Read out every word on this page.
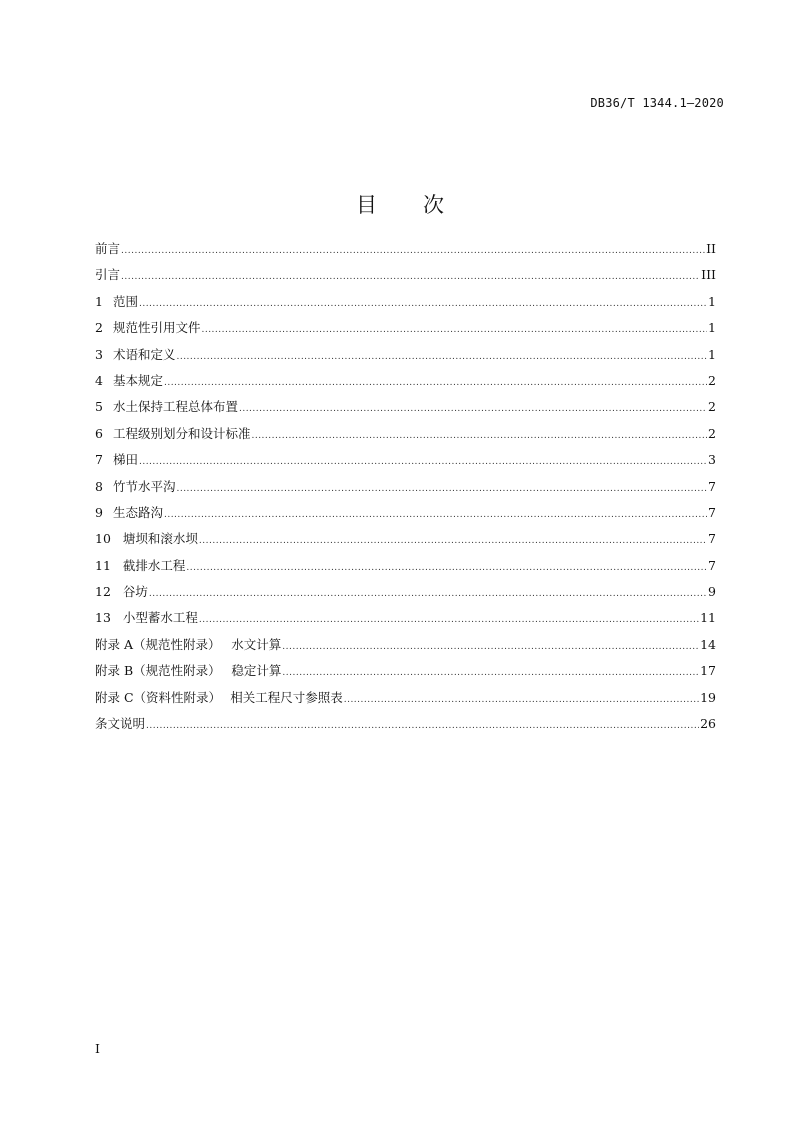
DB36/T 1344.1—2020
目 次
前言 .....	II
引言 .....	III
1 范围 .....	1
2 规范性引用文件 .....	1
3 术语和定义 .....	1
4 基本规定 .....	2
5 水土保持工程总体布置 .....	2
6 工程级别划分和设计标准 .....	2
7 梯田 .....	3
8 竹节水平沟 .....	7
9 生态路沟 .....	7
10 塘坝和滚水坝 .....	7
11 截排水工程 .....	7
12 谷坊 .....	9
13 小型蓄水工程 .....	11
附录 A（规范性附录） 水文计算 .....	14
附录 B（规范性附录） 稳定计算 .....	17
附录 C（资料性附录） 相关工程尺寸参照表 .....	19
条文说明 .....	26
I
